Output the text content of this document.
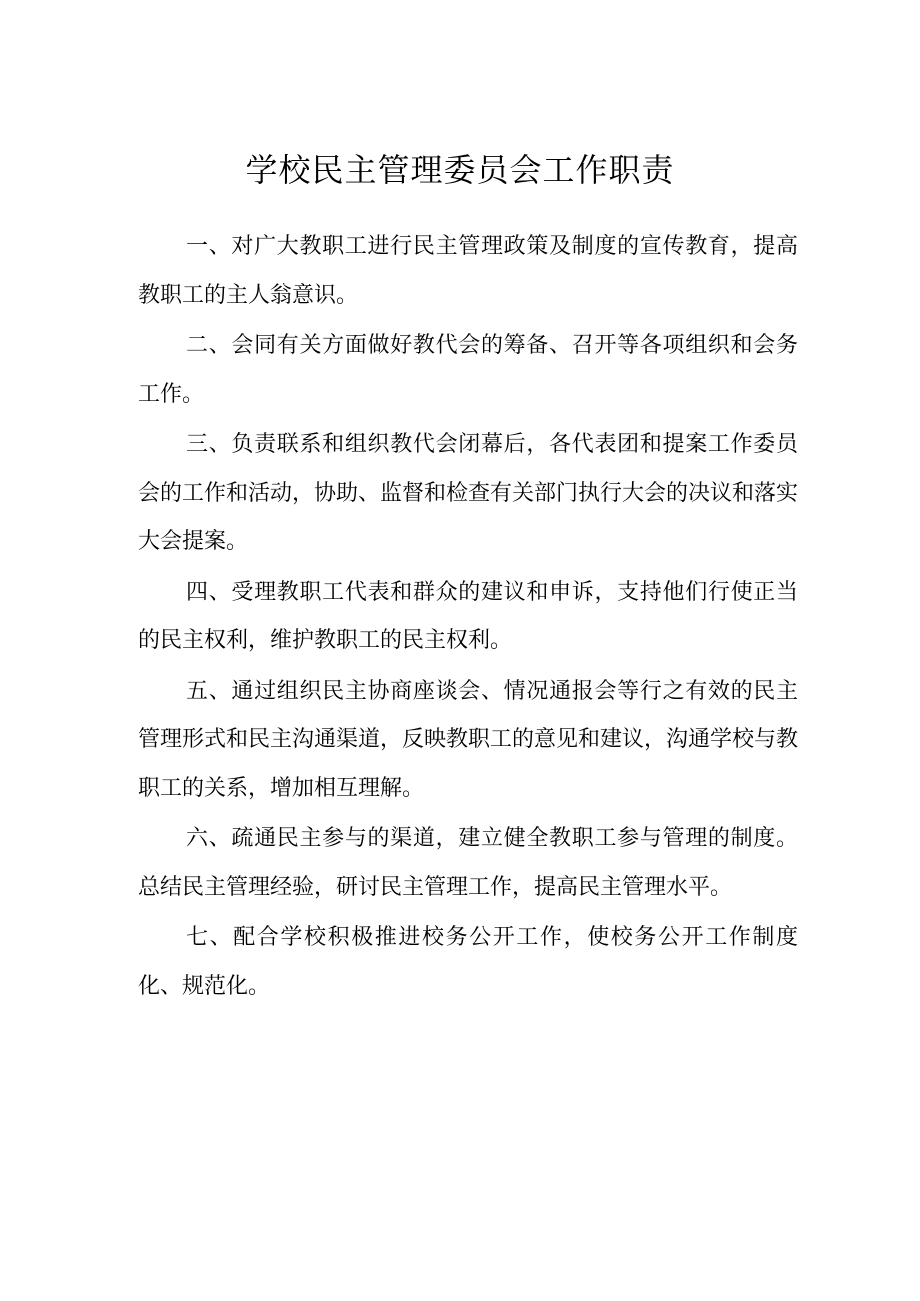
学校民主管理委员会工作职责

一、对广大教职工进行民主管理政策及制度的宣传教育，提高教职工的主人翁意识。

二、会同有关方面做好教代会的筹备、召开等各项组织和会务工作。

三、负责联系和组织教代会闭幕后，各代表团和提案工作委员会的工作和活动，协助、监督和检查有关部门执行大会的决议和落实大会提案。

四、受理教职工代表和群众的建议和申诉，支持他们行使正当的民主权利，维护教职工的民主权利。

五、通过组织民主协商座谈会、情况通报会等行之有效的民主管理形式和民主沟通渠道，反映教职工的意见和建议，沟通学校与教职工的关系，增加相互理解。

六、疏通民主参与的渠道，建立健全教职工参与管理的制度。总结民主管理经验，研讨民主管理工作，提高民主管理水平。

七、配合学校积极推进校务公开工作，使校务公开工作制度化、规范化。
